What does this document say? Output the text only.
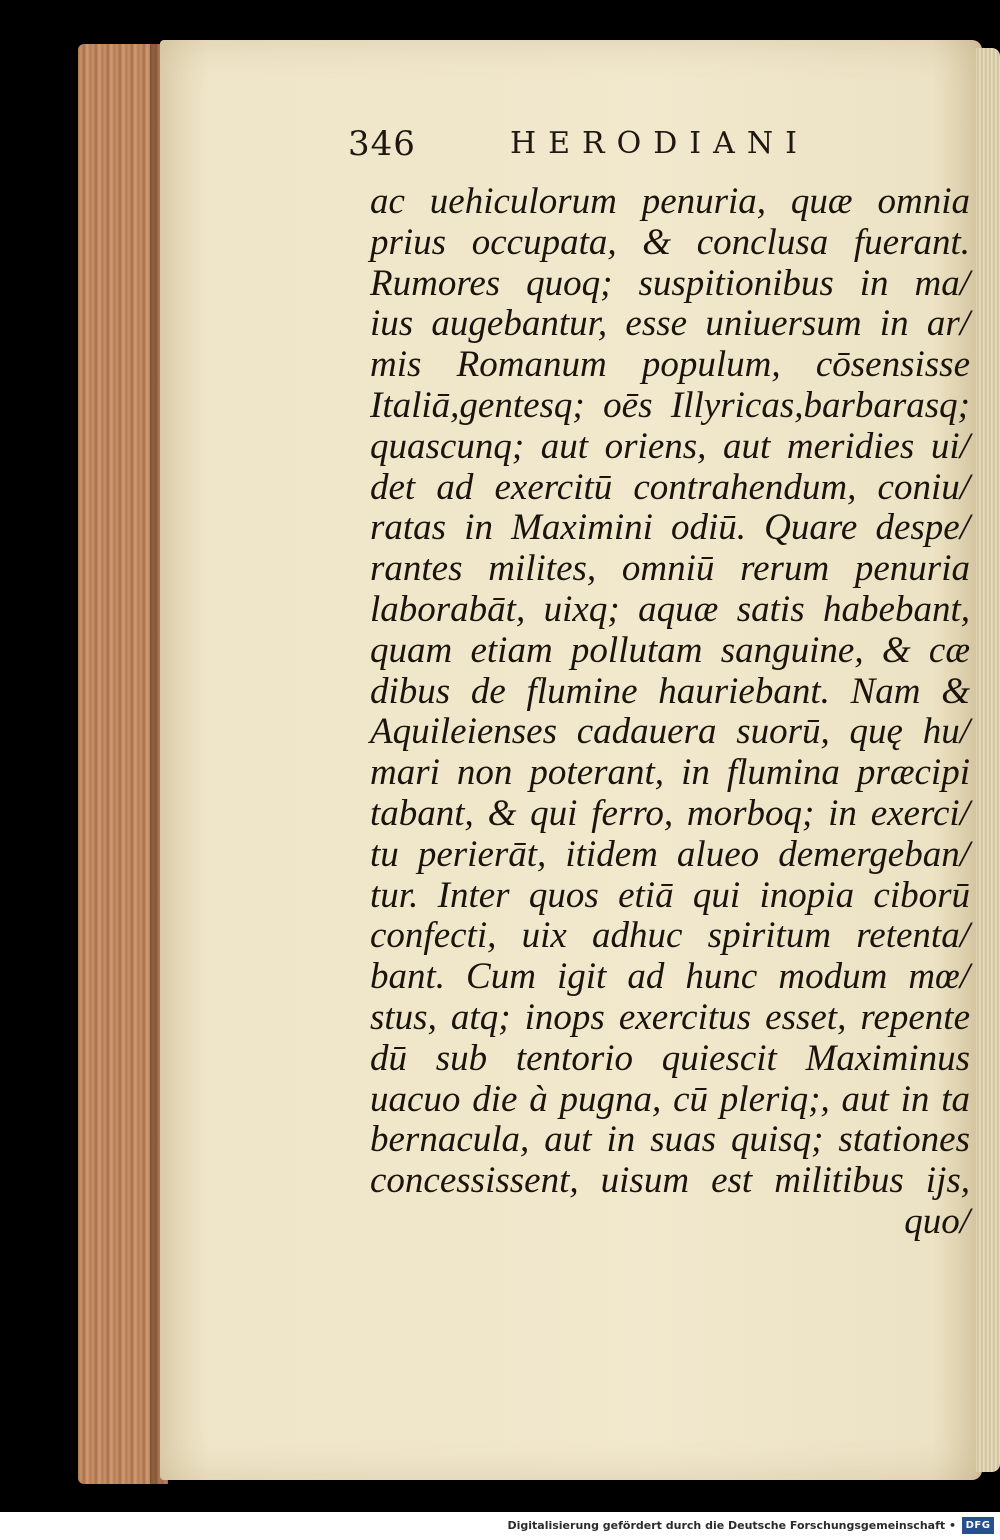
346	HERODIANI
ac uehiculorum penuria, quæ omnia
prius occupata, & conclusa fuerant.
Rumores quoq; suspitionibus in ma/
ius augebantur, esse uniuersum in ar/
mis Romanum populum, cōsensisse
Italiā,gentesq; oēs Illyricas,barbarasq;
quascunq; aut oriens, aut meridies ui/
det ad exercitū contrahendum, coniu/
ratas in Maximini odiū. Quare despe/
rantes milites, omniū rerum penuria
laborabāt, uixq; aquæ satis habebant,
quam etiam pollutam sanguine, & cæ
dibus de flumine hauriebant. Nam &
Aquileienses cadauera suorū, quę hu/
mari non poterant, in flumina præcipi
tabant, & qui ferro, morboq; in exerci/
tu perierāt, itidem alueo demergeban/
tur. Inter quos etiā qui inopia ciborū
confecti, uix adhuc spiritum retenta/
bant. Cum igit ad hunc modum mœ/
stus, atq; inops exercitus esset, repente
dū sub tentorio quiescit Maximinus
uacuo die à pugna, cū pleriq;, aut in ta
bernacula, aut in suas quisq; stationes
concessissent, uisum est militibus ijs,
quo/
Digitalisierung gefördert durch die Deutsche Forschungsgemeinschaft • DFG
